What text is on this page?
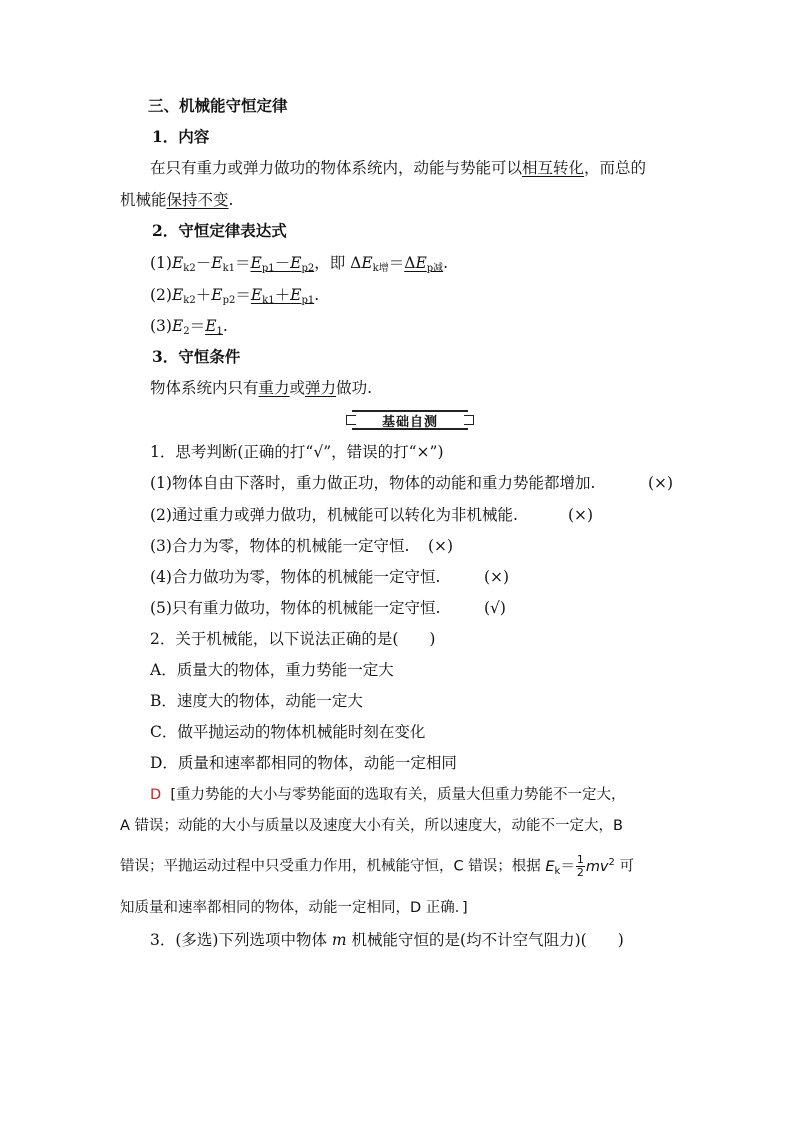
三、机械能守恒定律
1．内容
在只有重力或弹力做功的物体系统内，动能与势能可以相互转化，而总的
机械能保持不变.
2．守恒定律表达式
$(1)E_{k2}-E_{k1}=E_{p1}-E_{p2}$，即 $\Delta E_{k增}=\Delta E_{p减}$.
$(2)E_{k2}+E_{p2}=E_{k1}+E_{p1}$.
$(3)E_2=E_1$.
3．守恒条件
物体系统内只有重力或弹力做功.
基础自测
1．思考判断(正确的打“√”，错误的打“×”)
(1)物体自由下落时，重力做正功，物体的动能和重力势能都增加.	(×)
(2)通过重力或弹力做功，机械能可以转化为非机械能.	(×)
(3)合力为零，物体的机械能一定守恒. (×)
(4)合力做功为零，物体的机械能一定守恒.	(×)
(5)只有重力做功，物体的机械能一定守恒.	(√)
2．关于机械能，以下说法正确的是(　　)
A．质量大的物体，重力势能一定大
B．速度大的物体，动能一定大
C．做平抛运动的物体机械能时刻在变化
D．质量和速率都相同的物体，动能一定相同
D [重力势能的大小与零势能面的选取有关，质量大但重力势能不一定大，
A 错误；动能的大小与质量以及速度大小有关，所以速度大，动能不一定大，B
错误；平抛运动过程中只受重力作用，机械能守恒，C 错误；根据 $E_k= \frac{1}{2} mv^2$ 可
知质量和速率都相同的物体，动能一定相同，D 正确．]
3．(多选)下列选项中物体 m 机械能守恒的是(均不计空气阻力)(　　)
